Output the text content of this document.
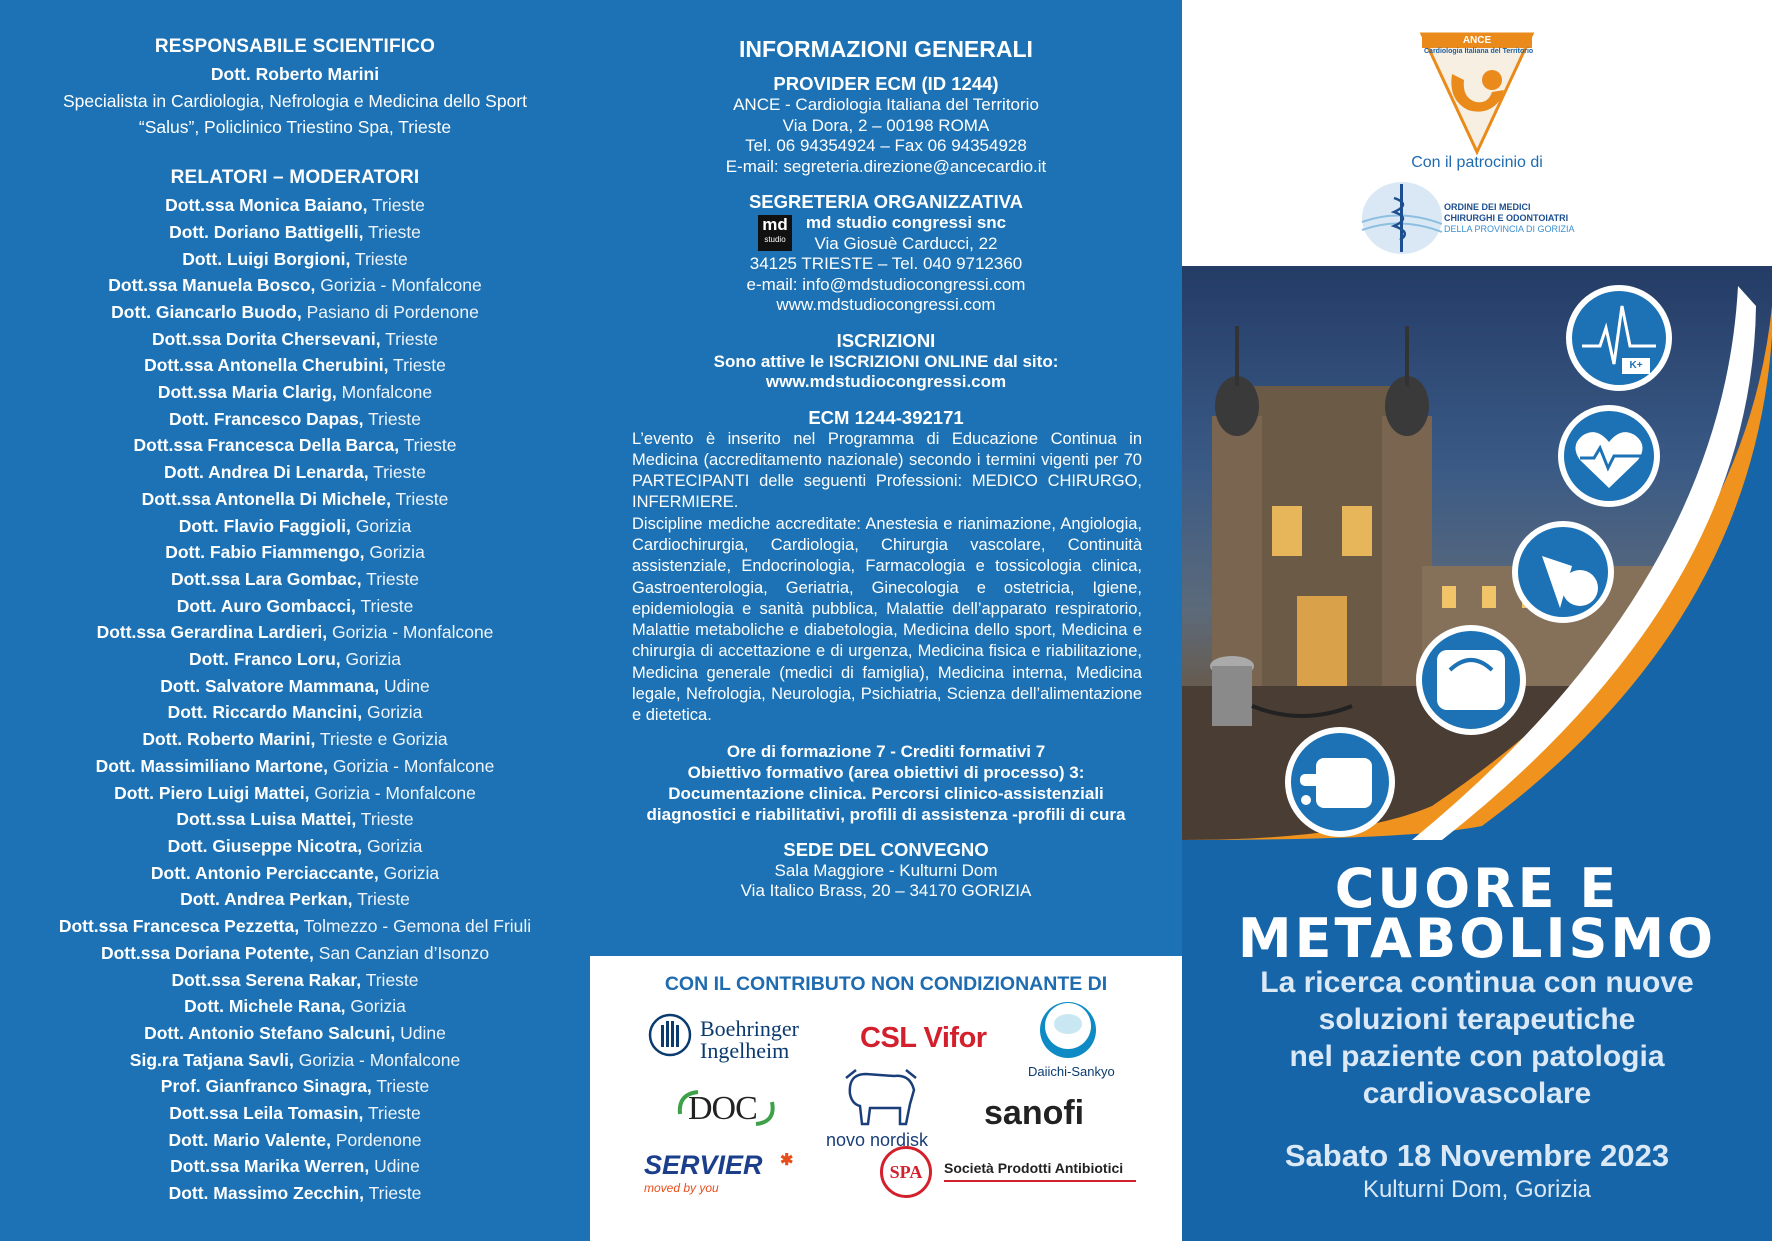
RESPONSABILE SCIENTIFICO
Dott. Roberto Marini
Specialista in Cardiologia, Nefrologia e Medicina dello Sport
“Salus”, Policlinico Triestino Spa, Trieste
RELATORI – MODERATORI
Dott.ssa Monica Baiano, Trieste
Dott. Doriano Battigelli, Trieste
Dott. Luigi Borgioni, Trieste
Dott.ssa Manuela Bosco, Gorizia - Monfalcone
Dott. Giancarlo Buodo, Pasiano di Pordenone
Dott.ssa Dorita Chersevani, Trieste
Dott.ssa Antonella Cherubini, Trieste
Dott.ssa Maria Clarig, Monfalcone
Dott. Francesco Dapas, Trieste
Dott.ssa Francesca Della Barca, Trieste
Dott. Andrea Di Lenarda, Trieste
Dott.ssa Antonella Di Michele, Trieste
Dott. Flavio Faggioli, Gorizia
Dott. Fabio Fiammengo, Gorizia
Dott.ssa Lara Gombac, Trieste
Dott. Auro Gombacci, Trieste
Dott.ssa Gerardina Lardieri, Gorizia - Monfalcone
Dott. Franco Loru, Gorizia
Dott. Salvatore Mammana, Udine
Dott. Riccardo Mancini, Gorizia
Dott. Roberto Marini, Trieste e Gorizia
Dott. Massimiliano Martone, Gorizia - Monfalcone
Dott. Piero Luigi Mattei, Gorizia - Monfalcone
Dott.ssa Luisa Mattei, Trieste
Dott. Giuseppe Nicotra, Gorizia
Dott. Antonio Perciaccante, Gorizia
Dott. Andrea Perkan, Trieste
Dott.ssa Francesca Pezzetta, Tolmezzo - Gemona del Friuli
Dott.ssa Doriana Potente, San Canzian d’Isonzo
Dott.ssa Serena Rakar, Trieste
Dott. Michele Rana, Gorizia
Dott. Antonio Stefano Salcuni, Udine
Sig.ra Tatjana Savli, Gorizia - Monfalcone
Prof. Gianfranco Sinagra, Trieste
Dott.ssa Leila Tomasin, Trieste
Dott. Mario Valente, Pordenone
Dott.ssa Marika Werren, Udine
Dott. Massimo Zecchin, Trieste
INFORMAZIONI GENERALI
PROVIDER ECM (ID 1244)
ANCE - Cardiologia Italiana del Territorio
Via Dora, 2 – 00198 ROMA
Tel. 06 94354924 – Fax 06 94354928
E-mail: segreteria.direzione@ancecardio.it
SEGRETERIA ORGANIZZATIVA
md
studio
md studio congressi snc
Via Giosuè Carducci, 22
34125 TRIESTE – Tel. 040 9712360
e-mail: info@mdstudiocongressi.com
www.mdstudiocongressi.com
ISCRIZIONI
Sono attive le ISCRIZIONI ONLINE dal sito:
www.mdstudiocongressi.com
ECM 1244-392171
L’evento è inserito nel Programma di Educazione Continua in Medicina (accreditamento nazionale) secondo i termini vigenti per 70 PARTECIPANTI delle seguenti Professioni: MEDICO CHIRURGO, INFERMIERE.
Discipline mediche accreditate: Anestesia e rianimazione, Angiologia, Cardiochirurgia, Cardiologia, Chirurgia vascolare, Continuità assistenziale, Endocrinologia, Farmacologia e tossicologia clinica, Gastroenterologia, Geriatria, Ginecologia e ostetricia, Igiene, epidemiologia e sanità pubblica, Malattie dell’apparato respiratorio, Malattie metaboliche e diabetologia, Medicina dello sport, Medicina e chirurgia di accettazione e di urgenza, Medicina fisica e riabilitazione, Medicina generale (medici di famiglia), Medicina interna, Medicina legale, Nefrologia, Neurologia, Psichiatria, Scienza dell’alimentazione e dietetica.
Ore di formazione 7 - Crediti formativi 7
Obiettivo formativo (area obiettivi di processo) 3:
Documentazione clinica. Percorsi clinico-assistenziali
diagnostici e riabilitativi, profili di assistenza -profili di cura
SEDE DEL CONVEGNO
Sala Maggiore - Kulturni Dom
Via Italico Brass, 20 – 34170 GORIZIA
CON IL CONTRIBUTO NON CONDIZIONANTE DI
Boehringer
Ingelheim CSL Vifor
Daiichi-Sankyo
DOC
novo nordisk
sanofi
SERVIER ✱
moved by you
SPA	Società Prodotti Antibiotici
ANCE
Cardiologia Italiana del Territorio
Con il patrocinio di
ORDINE DEI MEDICI
CHIRURGHI E ODONTOIATRI
DELLA PROVINCIA DI GORIZIA
K+
CUORE E
METABOLISMO
La ricerca continua con nuove
soluzioni terapeutiche
nel paziente con patologia
cardiovascolare
Sabato 18 Novembre 2023
Kulturni Dom, Gorizia
